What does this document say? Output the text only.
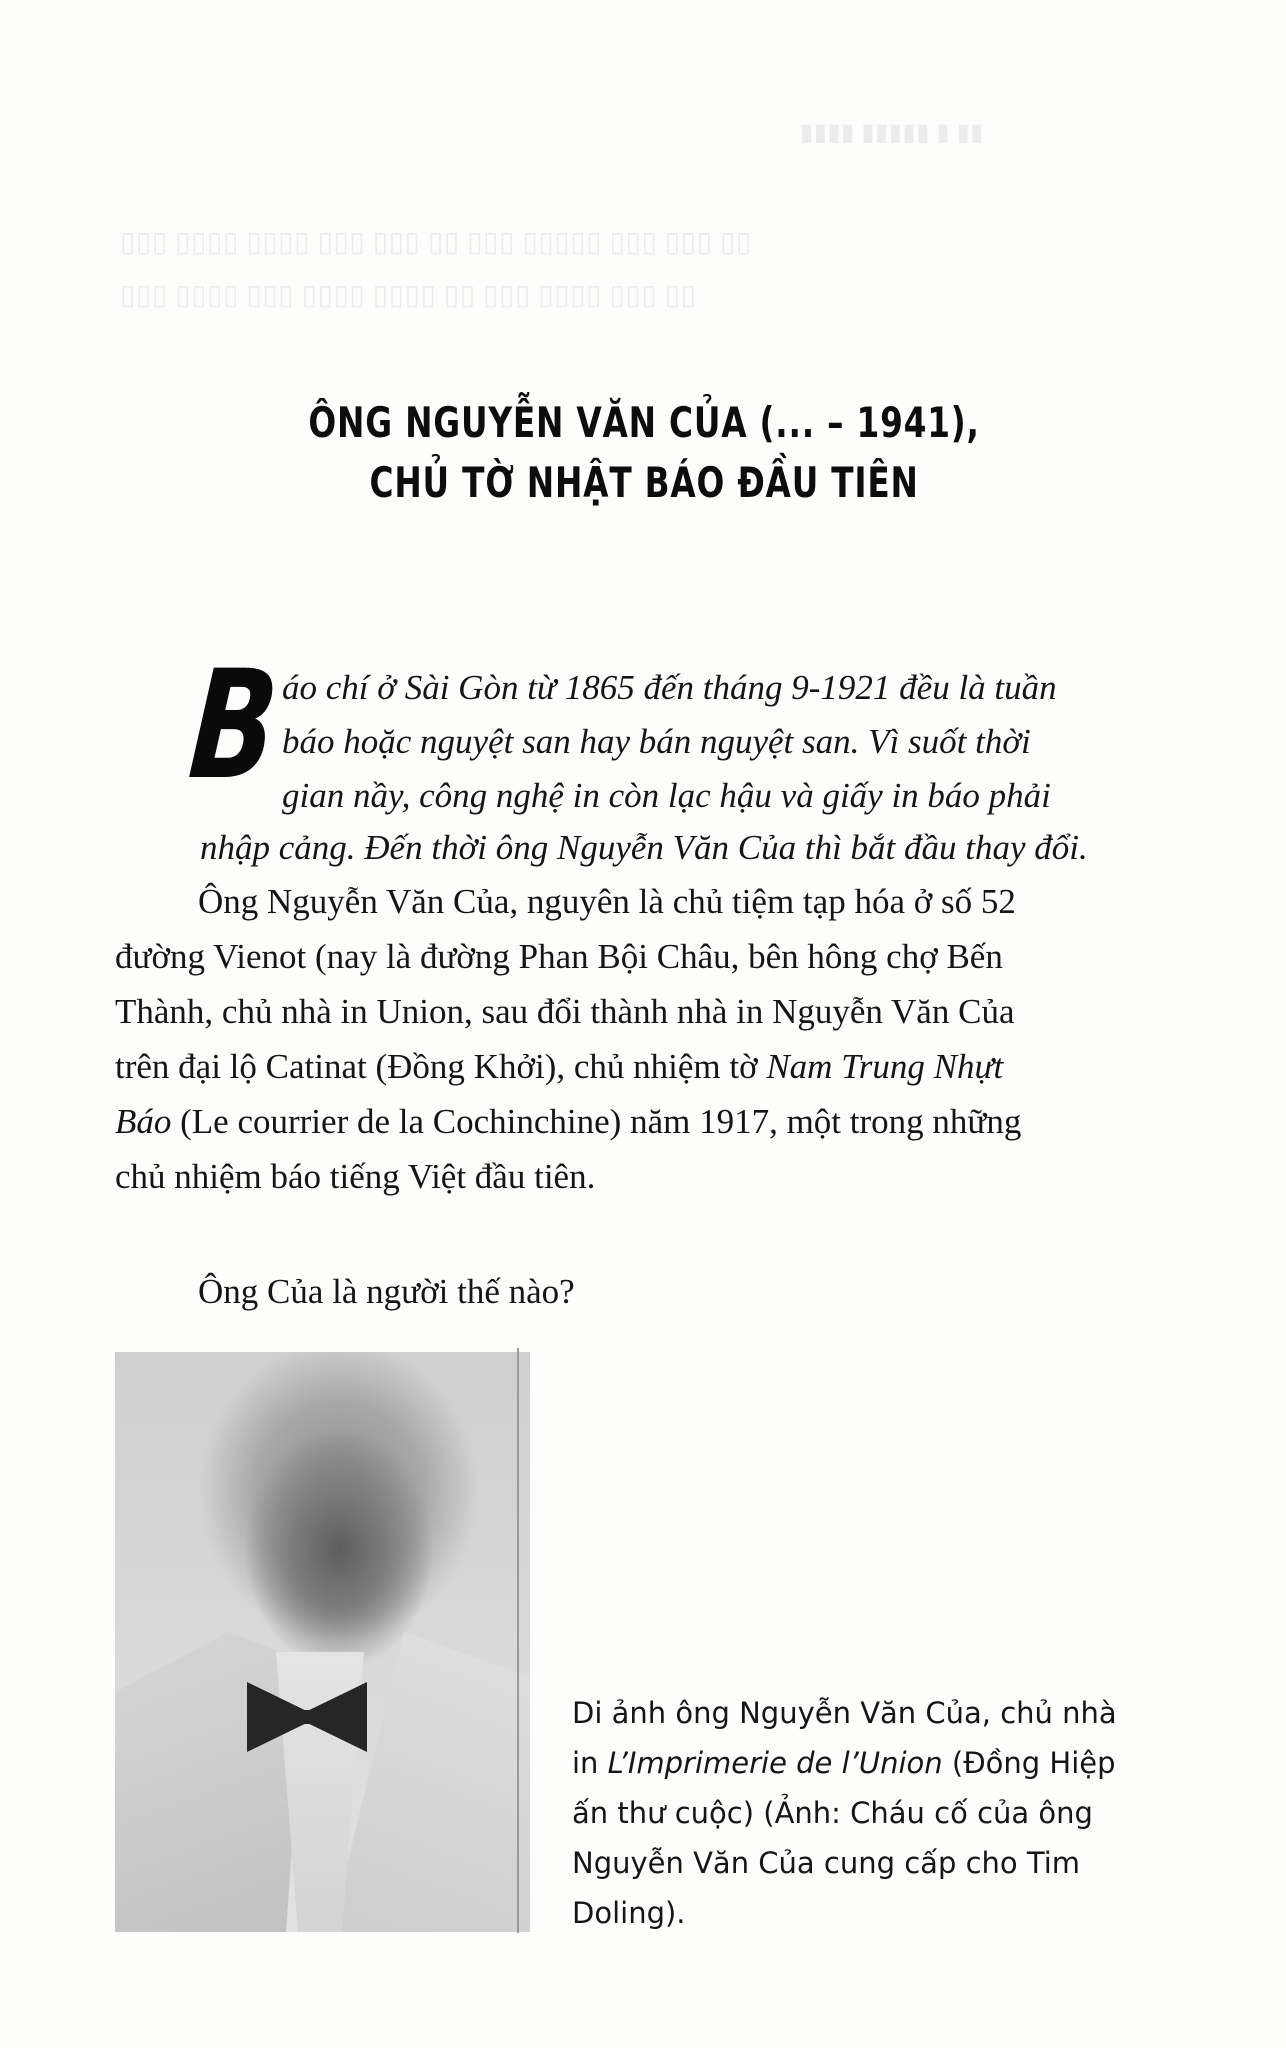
▮▮▮▮ ▮▮▮▮▮ ▮ ▮▮
▯▯▯ ▯▯▯▯ ▯▯▯▯ ▯▯▯ ▯▯▯ ▯▯ ▯▯▯ ▯▯▯▯▯ ▯▯▯ ▯▯▯ ▯▯
▯▯▯ ▯▯▯▯ ▯▯▯ ▯▯▯▯ ▯▯▯▯ ▯▯ ▯▯▯ ▯▯▯▯ ▯▯▯ ▯▯
ÔNG NGUYỄN VĂN CỦA (... – 1941),
CHỦ TỜ NHẬT BÁO ĐẦU TIÊN
B
áo chí ở Sài Gòn từ 1865 đến tháng 9-1921 đều là tuần
báo hoặc nguyệt san hay bán nguyệt san. Vì suốt thời
gian nầy, công nghệ in còn lạc hậu và giấy in báo phải
nhập cảng. Đến thời ông Nguyễn Văn Của thì bắt đầu thay đổi.
Ông Nguyễn Văn Của, nguyên là chủ tiệm tạp hóa ở số 52
đường Vienot (nay là đường Phan Bội Châu, bên hông chợ Bến
Thành, chủ nhà in Union, sau đổi thành nhà in Nguyễn Văn Của
trên đại lộ Catinat (Đồng Khởi), chủ nhiệm tờ Nam Trung Nhựt
Báo (Le courrier de la Cochinchine) năm 1917, một trong những
chủ nhiệm báo tiếng Việt đầu tiên.
Ông Của là người thế nào?
Di ảnh ông Nguyễn Văn Của, chủ nhà
in L’Imprimerie de l’Union (Đồng Hiệp
ấn thư cuộc) (Ảnh: Cháu cố của ông
Nguyễn Văn Của cung cấp cho Tim
Doling).
